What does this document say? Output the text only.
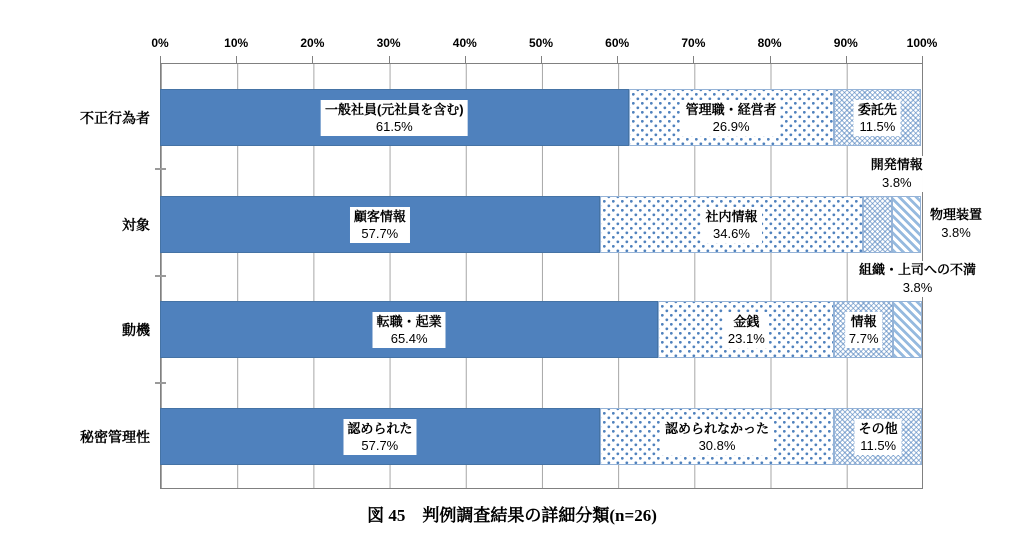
図 45　判例調査結果の詳細分類(n=26)
0%	10%	20%	30%	40%	50%	60%	70%	80%	90%	100%
不正行為者
対象
動機
秘密管理性
一般社員(元社員を含む)
61.5%
管理職・経営者
26.9%
委託先
11.5%
顧客情報
57.7%
社内情報
34.6%
開発情報
3.8%
物理装置
3.8%
転職・起業
65.4%
金銭
23.1%
情報
7.7%
組織・上司への不満
3.8%
認められた
57.7%
認められなかった
30.8%
その他
11.5%
